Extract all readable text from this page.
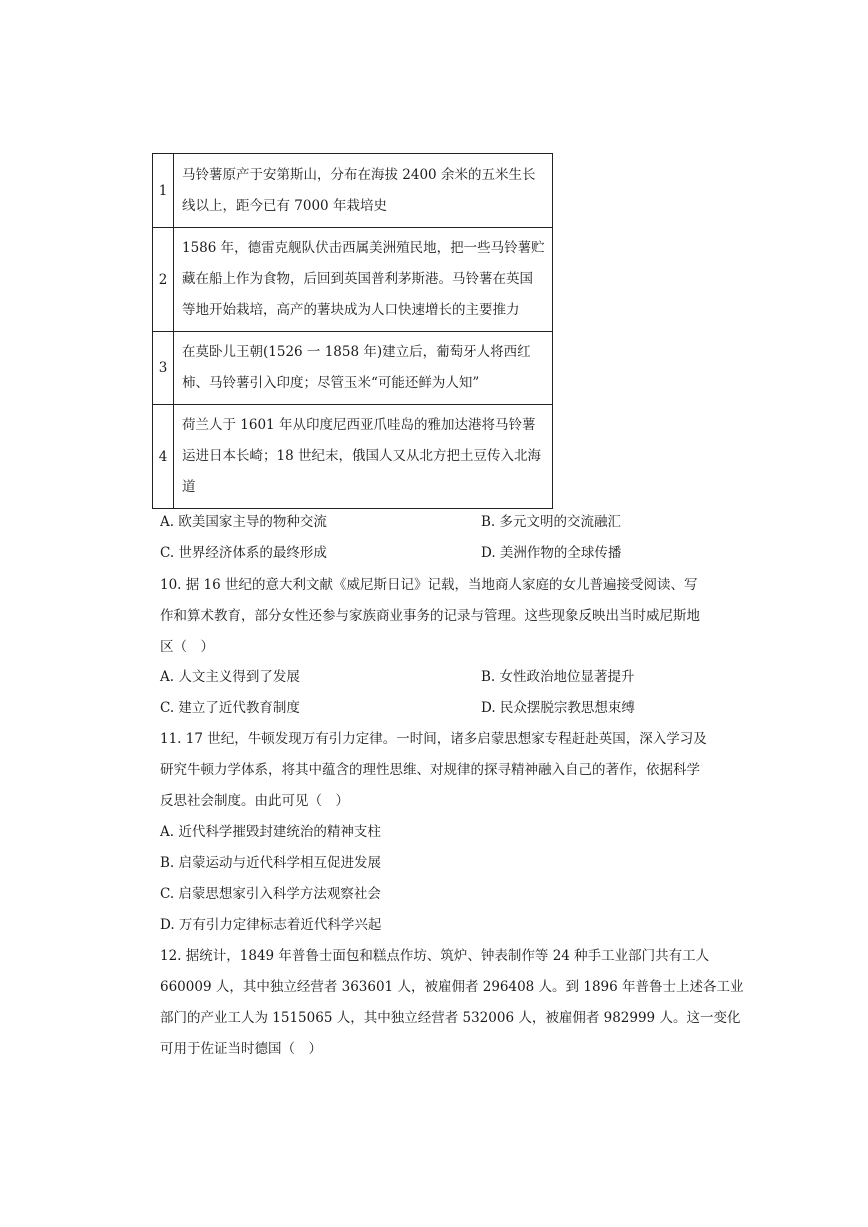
1	马铃薯原产于安第斯山，分布在海拔 2400 余米的五米生长线以上，距今已有 7000 年栽培史
2	1586 年，德雷克舰队伏击西属美洲殖民地，把一些马铃薯贮藏在船上作为食物，后回到英国普利茅斯港。马铃薯在英国等地开始栽培，高产的薯块成为人口快速增长的主要推力
3	在莫卧儿王朝(1526 一 1858 年)建立后，葡萄牙人将西红柿、马铃薯引入印度；尽管玉米“可能还鲜为人知”
4	荷兰人于 1601 年从印度尼西亚爪哇岛的雅加达港将马铃薯运进日本长崎；18 世纪末，俄国人又从北方把土豆传入北海道
A. 欧美国家主导的物种交流	B. 多元文明的交流融汇
C. 世界经济体系的最终形成	D. 美洲作物的全球传播
10. 据 16 世纪的意大利文献《威尼斯日记》记载，当地商人家庭的女儿普遍接受阅读、写
作和算术教育，部分女性还参与家族商业事务的记录与管理。这些现象反映出当时威尼斯地
区（　）
A. 人文主义得到了发展	B. 女性政治地位显著提升
C. 建立了近代教育制度	D. 民众摆脱宗教思想束缚
11. 17 世纪，牛顿发现万有引力定律。一时间，诸多启蒙思想家专程赶赴英国，深入学习及
研究牛顿力学体系，将其中蕴含的理性思维、对规律的探寻精神融入自己的著作，依据科学
反思社会制度。由此可见（　）
A. 近代科学摧毁封建统治的精神支柱
B. 启蒙运动与近代科学相互促进发展
C. 启蒙思想家引入科学方法观察社会
D. 万有引力定律标志着近代科学兴起
12. 据统计，1849 年普鲁士面包和糕点作坊、筑炉、钟表制作等 24 种手工业部门共有工人
660009 人，其中独立经营者 363601 人，被雇佣者 296408 人。到 1896 年普鲁士上述各工业
部门的产业工人为 1515065 人，其中独立经营者 532006 人，被雇佣者 982999 人。这一变化
可用于佐证当时德国（　）
